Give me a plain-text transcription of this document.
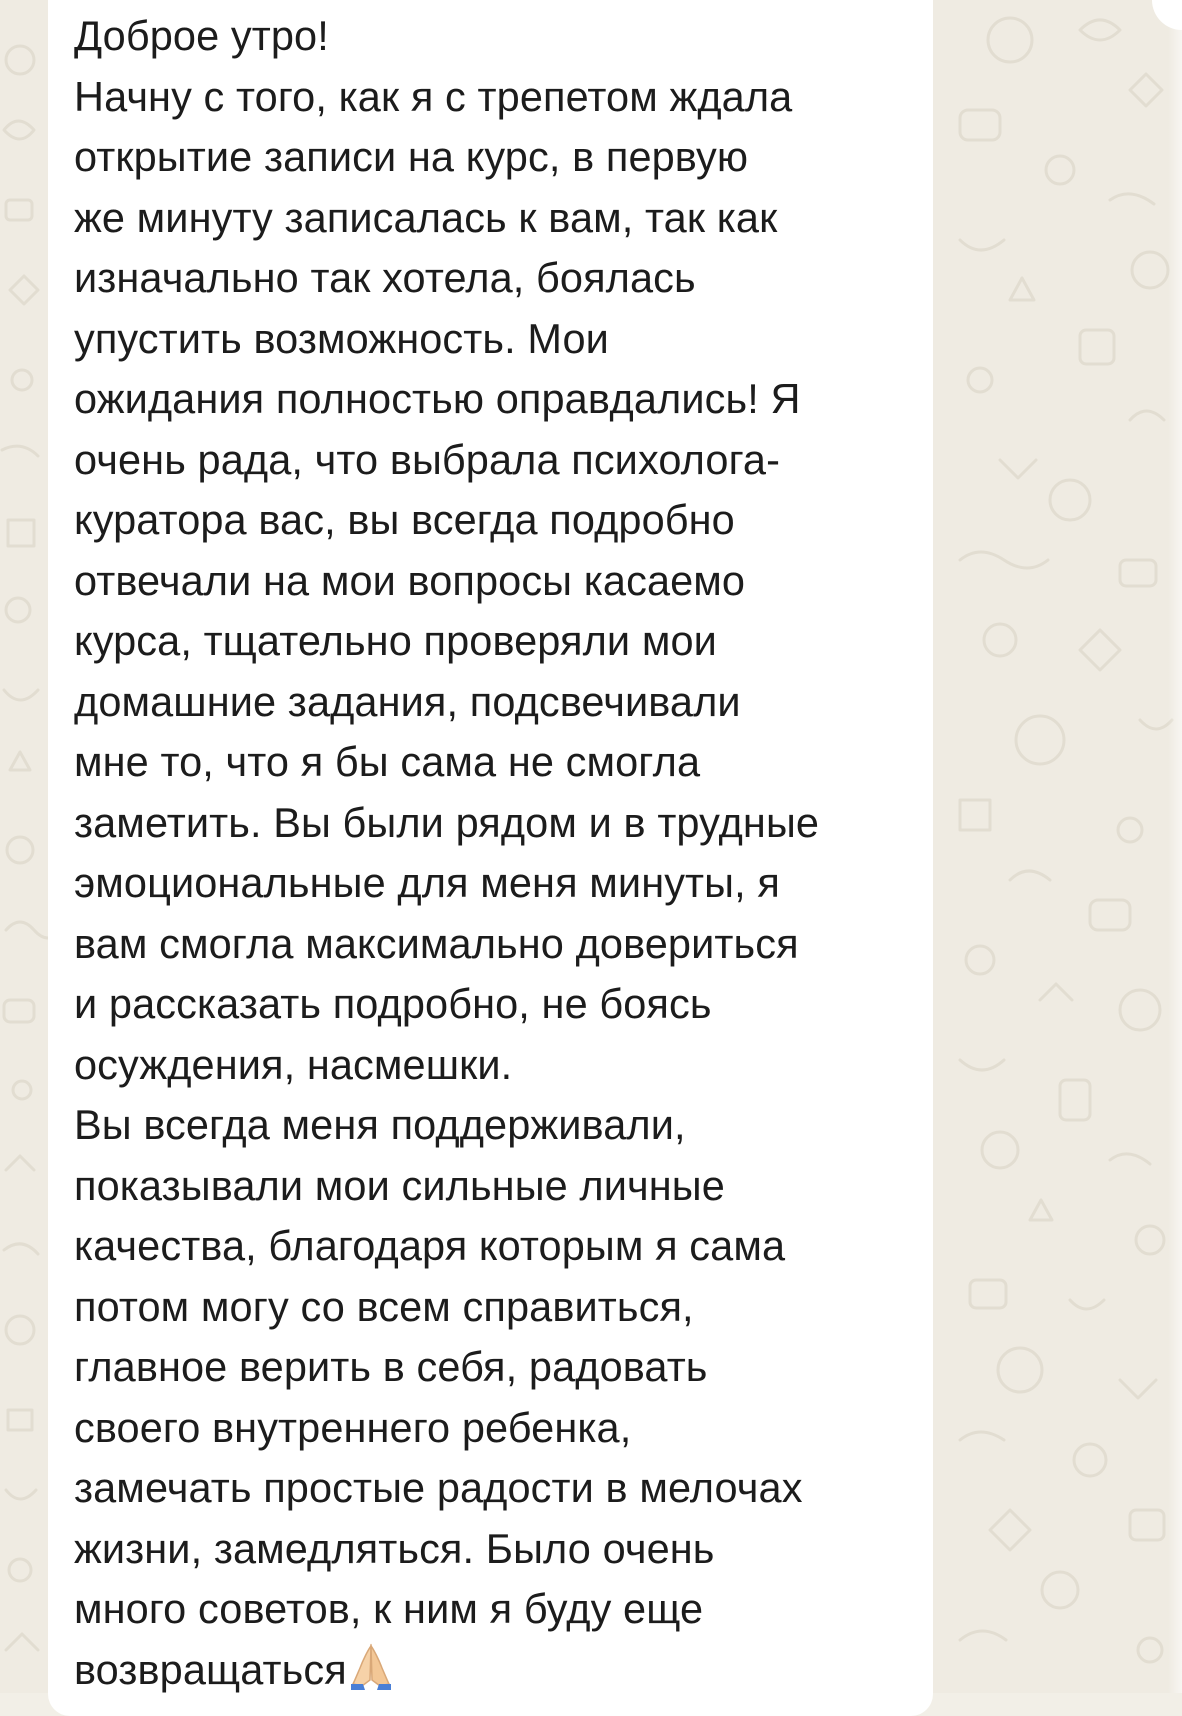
Доброе утро!
Начну с того, как я с трепетом ждала
открытие записи на курс, в первую
же минуту записалась к вам, так как
изначально так хотела, боялась
упустить возможность. Мои
ожидания полностью оправдались! Я
очень рада, что выбрала психолога-
куратора вас, вы всегда подробно
отвечали на мои вопросы касаемо
курса, тщательно проверяли мои
домашние задания, подсвечивали
мне то, что я бы сама не смогла
заметить. Вы были рядом и в трудные
эмоциональные для меня минуты, я
вам смогла максимально довериться
и рассказать подробно, не боясь
осуждения, насмешки.
Вы всегда меня поддерживали,
показывали мои сильные личные
качества, благодаря которым я сама
потом могу со всем справиться,
главное верить в себя, радовать
своего внутреннего ребенка,
замечать простые радости в мелочах
жизни, замедляться. Было очень
много советов, к ним я буду еще
возвращаться
